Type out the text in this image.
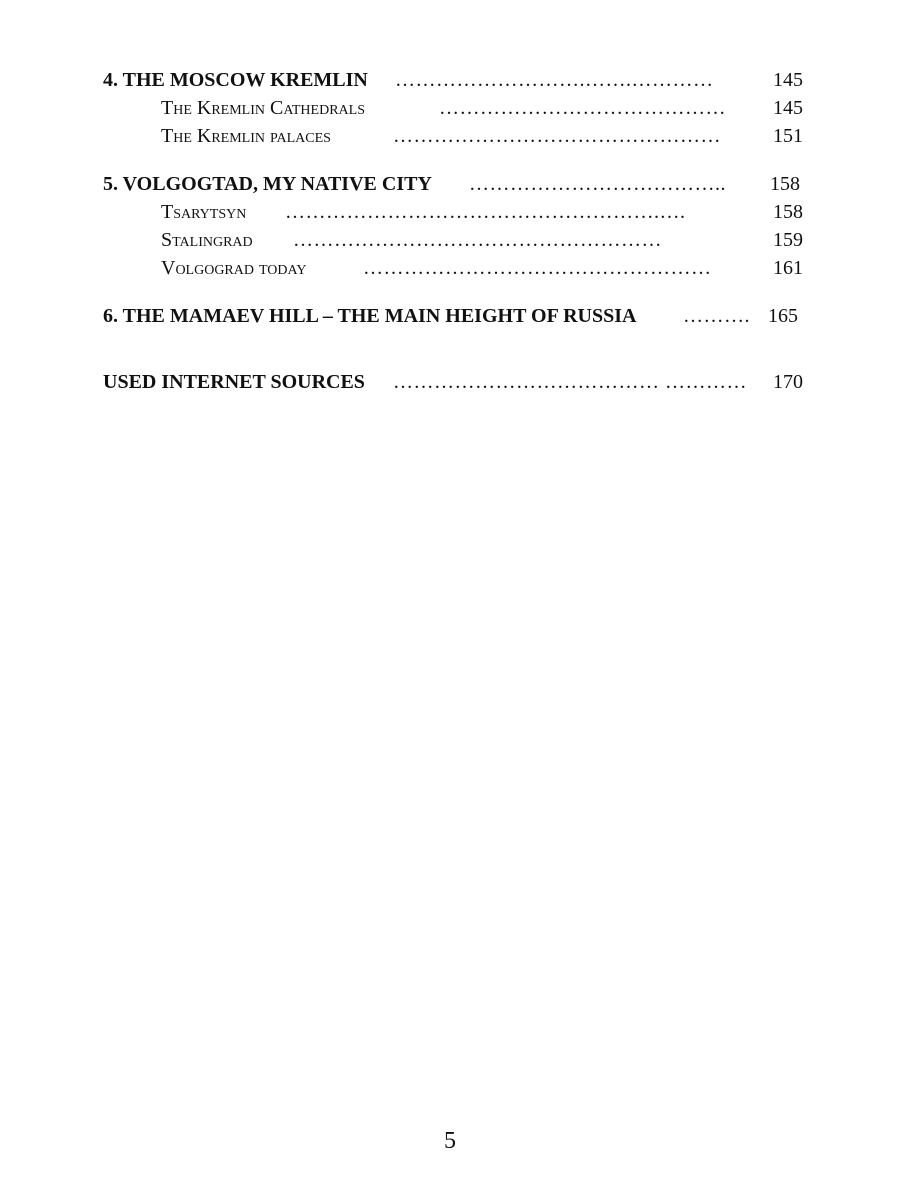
4. THE MOSCOW KREMLIN ……………………….…….…………	145
The Kremlin Cathedrals	……………………………………	145
The Kremlin palaces	…………………………………………	151
5. VOLGOGTAD, MY NATIVE CITY ………………………………..	158
Tsarytsyn ……………………………………………….….	158
Stalingrad ………………………………………………	159
Volgograd today	……………………………………………	161
6. THE MAMAEV HILL – THE MAIN HEIGHT OF RUSSIA ………. 165
USED INTERNET SOURCES ………………………………… …………	170
5
